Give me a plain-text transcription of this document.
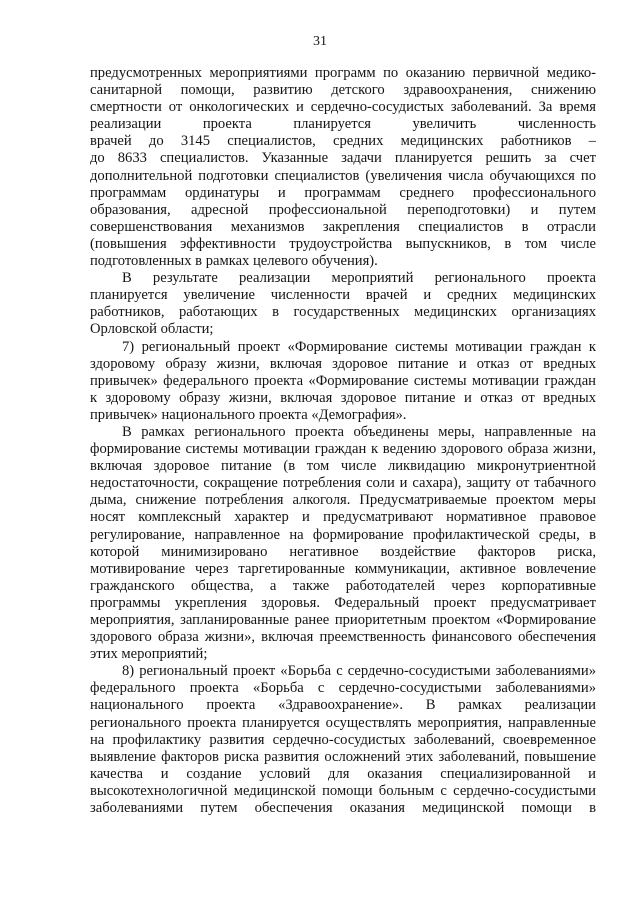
31
предусмотренных мероприятиями программ по оказанию первичной медико-
санитарной помощи, развитию детского здравоохранения, снижению
смертности от онкологических и сердечно-сосудистых заболеваний. За время
реализации проекта планируется увеличить численность
врачей до 3145 специалистов, средних медицинских работников –
до 8633 специалистов. Указанные задачи планируется решить за счет
дополнительной подготовки специалистов (увеличения числа обучающихся по
программам ординатуры и программам среднего профессионального
образования, адресной профессиональной переподготовки) и путем
совершенствования механизмов закрепления специалистов в отрасли
(повышения эффективности трудоустройства выпускников, в том числе
подготовленных в рамках целевого обучения).
В результате реализации мероприятий регионального проекта
планируется увеличение численности врачей и средних медицинских
работников, работающих в государственных медицинских организациях
Орловской области;
7) региональный проект «Формирование системы мотивации граждан к
здоровому образу жизни, включая здоровое питание и отказ от вредных
привычек» федерального проекта «Формирование системы мотивации граждан
к здоровому образу жизни, включая здоровое питание и отказ от вредных
привычек» национального проекта «Демография».
В рамках регионального проекта объединены меры, направленные на
формирование системы мотивации граждан к ведению здорового образа жизни,
включая здоровое питание (в том числе ликвидацию микронутриентной
недостаточности, сокращение потребления соли и сахара), защиту от табачного
дыма, снижение потребления алкоголя. Предусматриваемые проектом меры
носят комплексный характер и предусматривают нормативное правовое
регулирование, направленное на формирование профилактической среды, в
которой минимизировано негативное воздействие факторов риска,
мотивирование через таргетированные коммуникации, активное вовлечение
гражданского общества, а также работодателей через корпоративные
программы укрепления здоровья. Федеральный проект предусматривает
мероприятия, запланированные ранее приоритетным проектом «Формирование
здорового образа жизни», включая преемственность финансового обеспечения
этих мероприятий;
8) региональный проект «Борьба с сердечно-сосудистыми заболеваниями»
федерального проекта «Борьба с сердечно-сосудистыми заболеваниями»
национального проекта «Здравоохранение». В рамках реализации
регионального проекта планируется осуществлять мероприятия, направленные
на профилактику развития сердечно-сосудистых заболеваний, своевременное
выявление факторов риска развития осложнений этих заболеваний, повышение
качества и создание условий для оказания специализированной и
высокотехнологичной медицинской помощи больным с сердечно-сосудистыми
заболеваниями путем обеспечения оказания медицинской помощи в
